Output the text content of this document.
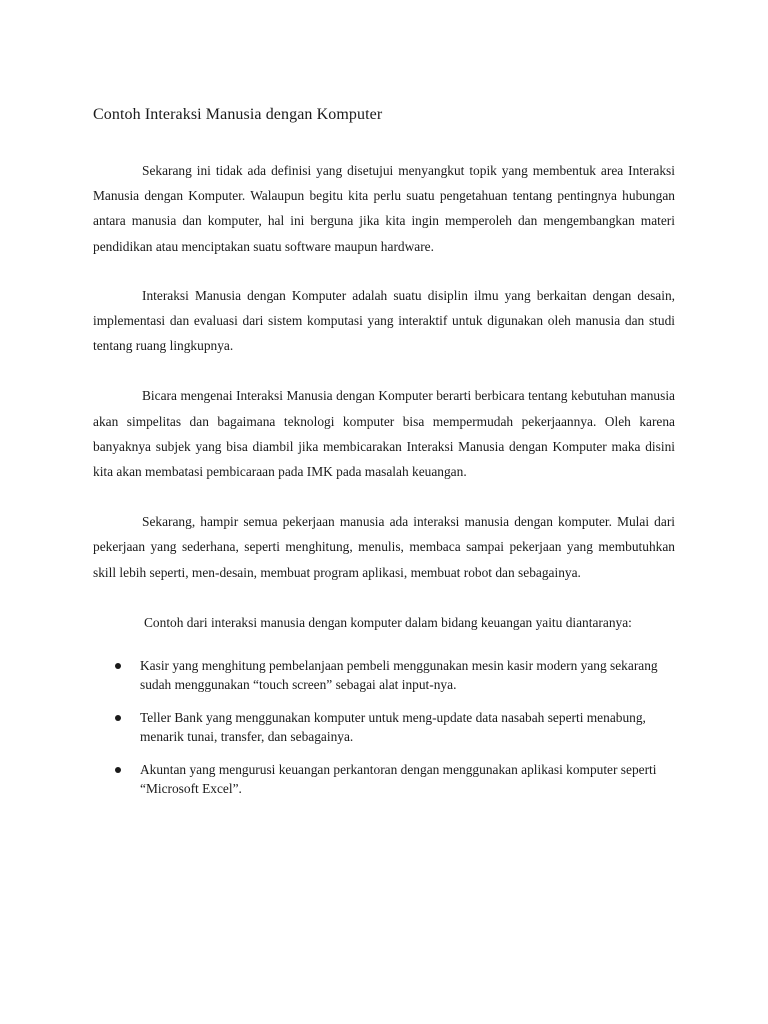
Contoh Interaksi Manusia dengan Komputer

Sekarang ini tidak ada definisi yang disetujui menyangkut topik yang membentuk area Interaksi Manusia dengan Komputer. Walaupun begitu kita perlu suatu pengetahuan tentang pentingnya hubungan antara manusia dan komputer, hal ini berguna jika kita ingin memperoleh dan mengembangkan materi pendidikan atau menciptakan suatu software maupun hardware.

Interaksi Manusia dengan Komputer adalah suatu disiplin ilmu yang berkaitan dengan desain, implementasi dan evaluasi dari sistem komputasi yang interaktif untuk digunakan oleh manusia dan studi tentang ruang lingkupnya.

Bicara mengenai Interaksi Manusia dengan Komputer berarti berbicara tentang kebutuhan manusia akan simpelitas dan bagaimana teknologi komputer bisa mempermudah pekerjaannya. Oleh karena banyaknya subjek yang bisa diambil jika membicarakan Interaksi Manusia dengan Komputer maka disini kita akan membatasi pembicaraan pada IMK pada masalah keuangan.

Sekarang, hampir semua pekerjaan manusia ada interaksi manusia dengan komputer. Mulai dari pekerjaan yang sederhana, seperti menghitung, menulis, membaca sampai pekerjaan yang membutuhkan skill lebih seperti, men-desain, membuat program aplikasi, membuat robot dan sebagainya.

Contoh dari interaksi manusia dengan komputer dalam bidang keuangan yaitu diantaranya:

Kasir yang menghitung pembelanjaan pembeli menggunakan mesin kasir modern yang sekarang sudah menggunakan “touch screen” sebagai alat input-nya.
Teller Bank yang menggunakan komputer untuk meng-update data nasabah seperti menabung, menarik tunai, transfer, dan sebagainya.
Akuntan yang mengurusi keuangan perkantoran dengan menggunakan aplikasi komputer seperti “Microsoft Excel”.
